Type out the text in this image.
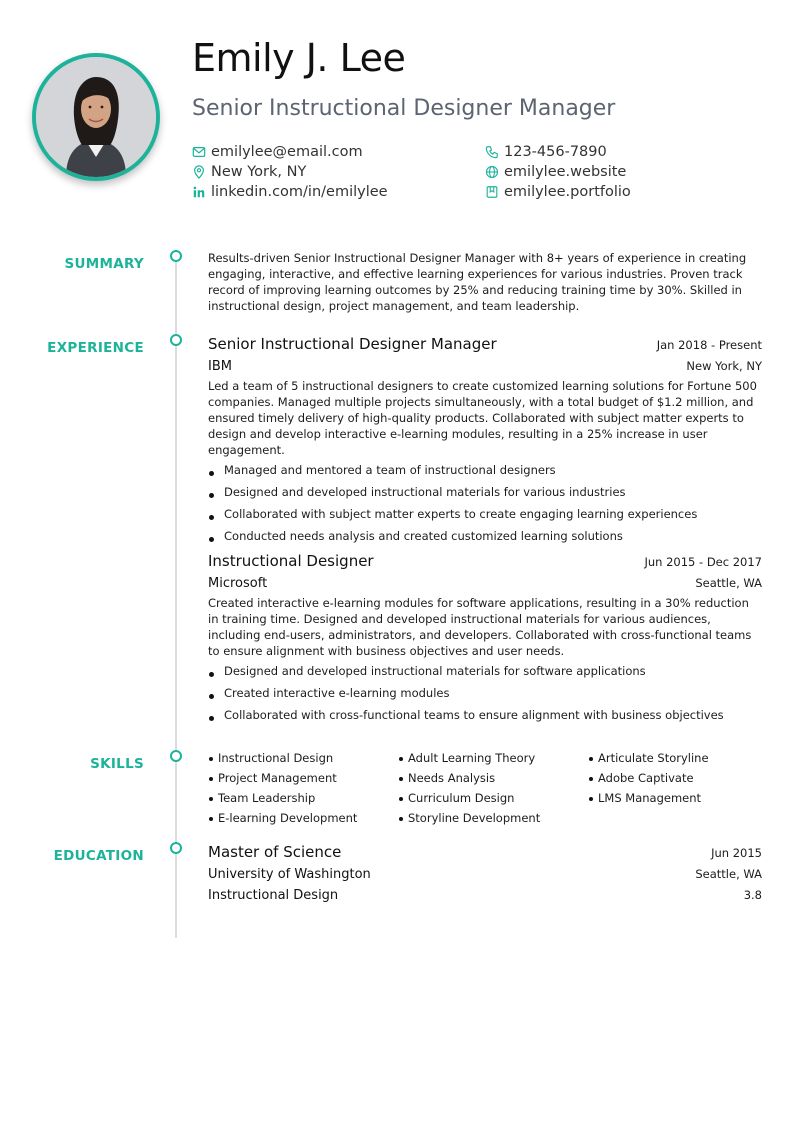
Emily J. Lee
Senior Instructional Designer Manager
emilylee@email.com	123-456-7890
New York, NY	emilylee.website
linkedin.com/in/emilylee	emilylee.portfolio
SUMMARY	Results-driven Senior Instructional Designer Manager with 8+ years of experience in creating engaging, interactive, and effective learning experiences for various industries. Proven track record of improving learning outcomes by 25% and reducing training time by 30%. Skilled in instructional design, project management, and team leadership.

EXPERIENCE	Senior Instructional Designer Manager	Jan 2018 - Present
IBM	New York, NY

Led a team of 5 instructional designers to create customized learning solutions for Fortune 500 companies. Managed multiple projects simultaneously, with a total budget of $1.2 million, and ensured timely delivery of high-quality products. Collaborated with subject matter experts to design and develop interactive e-learning modules, resulting in a 25% increase in user engagement.

Managed and mentored a team of instructional designers
Designed and developed instructional materials for various industries
Collaborated with subject matter experts to create engaging learning experiences
Conducted needs analysis and created customized learning solutions
Instructional Designer	Jun 2015 - Dec 2017
Microsoft	Seattle, WA

Created interactive e-learning modules for software applications, resulting in a 30% reduction in training time. Designed and developed instructional materials for various audiences, including end-users, administrators, and developers. Collaborated with cross-functional teams to ensure alignment with business objectives and user needs.

Designed and developed instructional materials for software applications
Created interactive e-learning modules
Collaborated with cross-functional teams to ensure alignment with business objectives
SKILLS	Instructional Design	Adult Learning Theory	Articulate Storyline
Project Management	Needs Analysis	Adobe Captivate
Team Leadership	Curriculum Design	LMS Management
E-learning Development	Storyline Development
EDUCATION	Master of Science	Jun 2015
University of Washington	Seattle, WA
Instructional Design	3.8
